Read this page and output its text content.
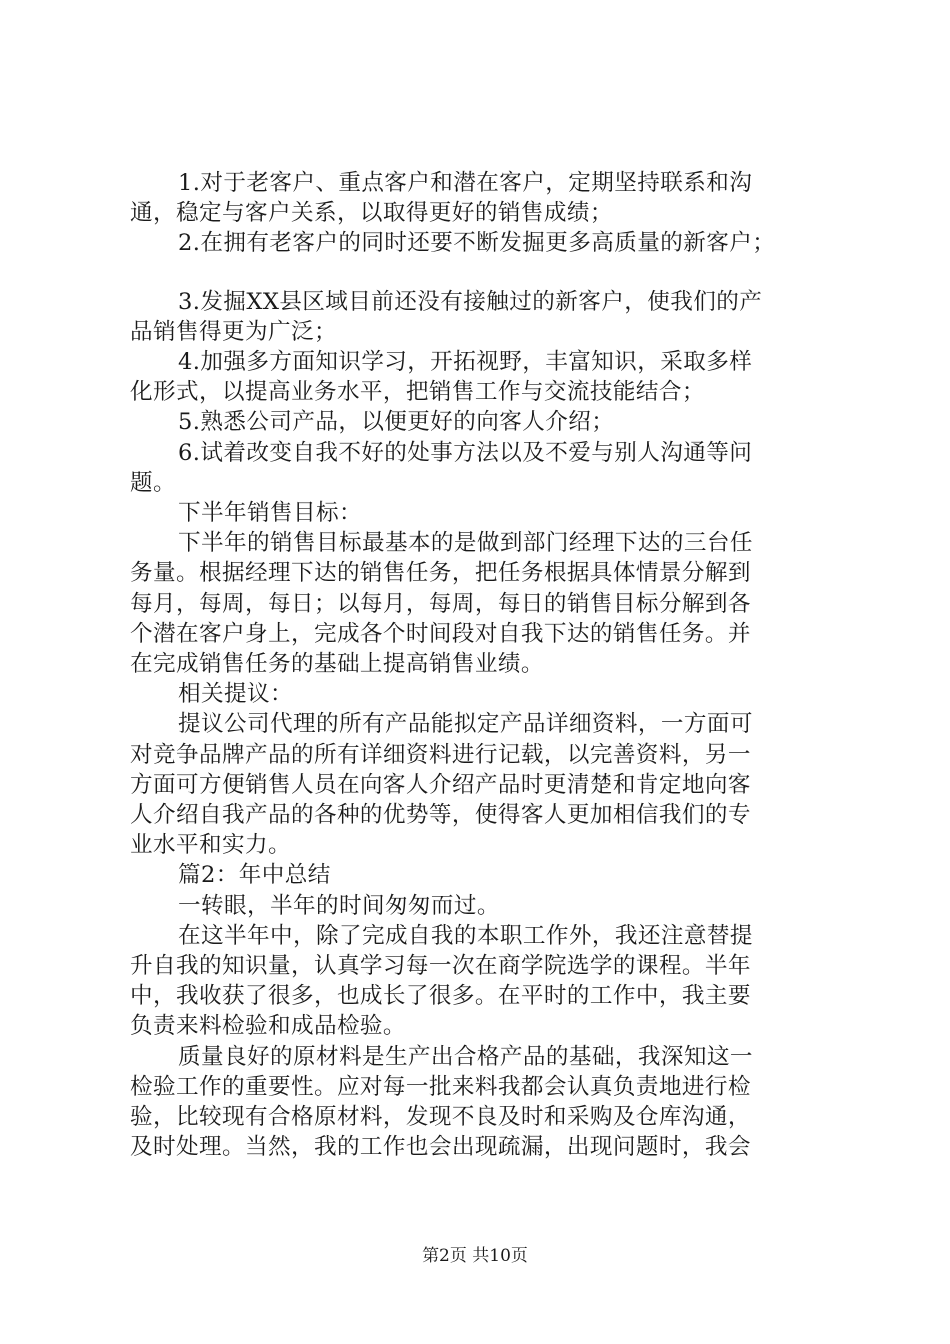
1.对于老客户、重点客户和潜在客户，定期坚持联系和沟
通，稳定与客户关系，以取得更好的销售成绩；
2.在拥有老客户的同时还要不断发掘更多高质量的新客户；
3.发掘XX县区域目前还没有接触过的新客户，使我们的产
品销售得更为广泛；
4.加强多方面知识学习，开拓视野，丰富知识，采取多样
化形式，以提高业务水平，把销售工作与交流技能结合；
5.熟悉公司产品，以便更好的向客人介绍；
6.试着改变自我不好的处事方法以及不爱与别人沟通等问
题。
下半年销售目标：
下半年的销售目标最基本的是做到部门经理下达的三台任
务量。根据经理下达的销售任务，把任务根据具体情景分解到
每月，每周，每日；以每月，每周，每日的销售目标分解到各
个潜在客户身上，完成各个时间段对自我下达的销售任务。并
在完成销售任务的基础上提高销售业绩。
相关提议：
提议公司代理的所有产品能拟定产品详细资料，一方面可
对竞争品牌产品的所有详细资料进行记载，以完善资料，另一
方面可方便销售人员在向客人介绍产品时更清楚和肯定地向客
人介绍自我产品的各种的优势等，使得客人更加相信我们的专
业水平和实力。
篇2：年中总结
一转眼，半年的时间匆匆而过。
在这半年中，除了完成自我的本职工作外，我还注意替提
升自我的知识量，认真学习每一次在商学院选学的课程。半年
中，我收获了很多，也成长了很多。在平时的工作中，我主要
负责来料检验和成品检验。
质量良好的原材料是生产出合格产品的基础，我深知这一
检验工作的重要性。应对每一批来料我都会认真负责地进行检
验，比较现有合格原材料，发现不良及时和采购及仓库沟通，
及时处理。当然，我的工作也会出现疏漏，出现问题时，我会
第2页 共10页
